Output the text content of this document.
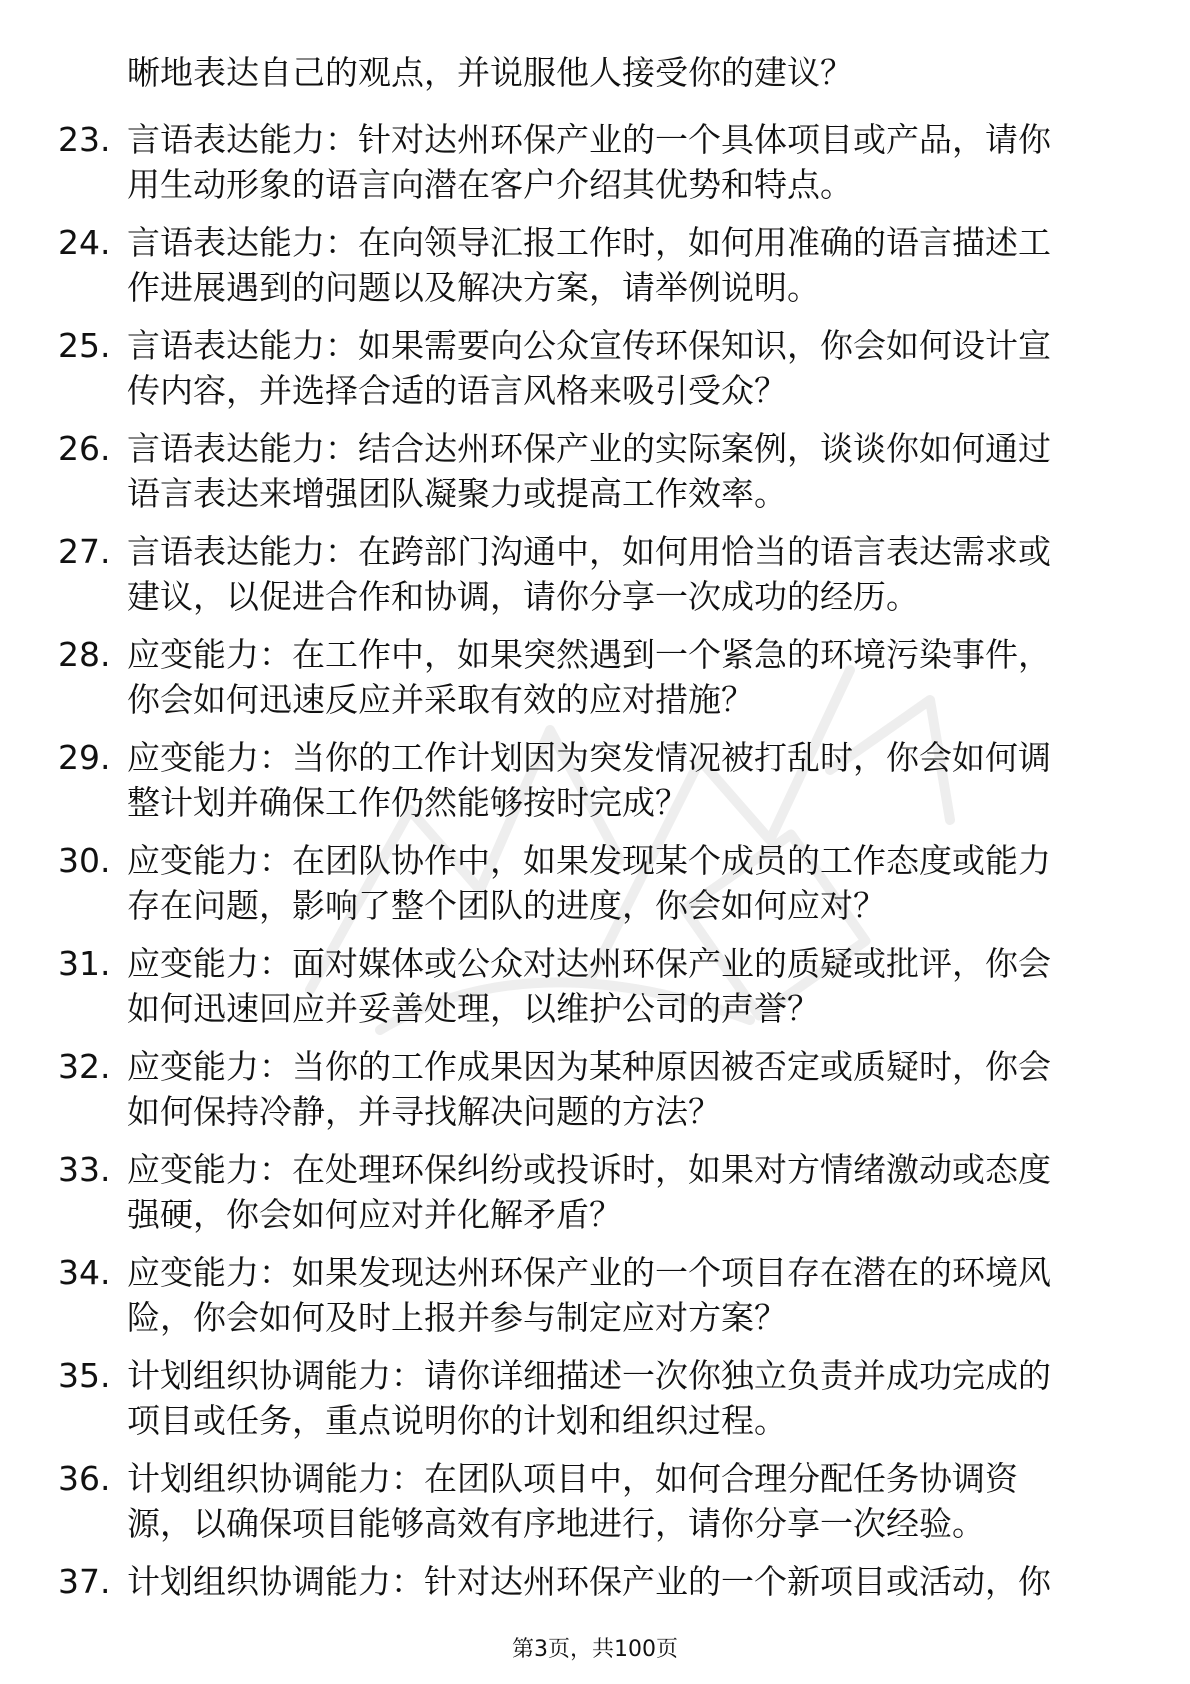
晰地表达自己的观点，并说服他人接受你的建议？
23. 言语表达能力：针对达州环保产业的一个具体项目或产品，请你
用生动形象的语言向潜在客户介绍其优势和特点。
24. 言语表达能力：在向领导汇报工作时，如何用准确的语言描述工
作进展遇到的问题以及解决方案，请举例说明。
25. 言语表达能力：如果需要向公众宣传环保知识，你会如何设计宣
传内容，并选择合适的语言风格来吸引受众？
26. 言语表达能力：结合达州环保产业的实际案例，谈谈你如何通过
语言表达来增强团队凝聚力或提高工作效率。
27. 言语表达能力：在跨部门沟通中，如何用恰当的语言表达需求或
建议，以促进合作和协调，请你分享一次成功的经历。
28. 应变能力：在工作中，如果突然遇到一个紧急的环境污染事件，
你会如何迅速反应并采取有效的应对措施？
29. 应变能力：当你的工作计划因为突发情况被打乱时，你会如何调
整计划并确保工作仍然能够按时完成？
30. 应变能力：在团队协作中，如果发现某个成员的工作态度或能力
存在问题，影响了整个团队的进度，你会如何应对？
31. 应变能力：面对媒体或公众对达州环保产业的质疑或批评，你会
如何迅速回应并妥善处理，以维护公司的声誉？
32. 应变能力：当你的工作成果因为某种原因被否定或质疑时，你会
如何保持冷静，并寻找解决问题的方法？
33. 应变能力：在处理环保纠纷或投诉时，如果对方情绪激动或态度
强硬，你会如何应对并化解矛盾？
34. 应变能力：如果发现达州环保产业的一个项目存在潜在的环境风
险，你会如何及时上报并参与制定应对方案？
35. 计划组织协调能力：请你详细描述一次你独立负责并成功完成的
项目或任务，重点说明你的计划和组织过程。
36. 计划组织协调能力：在团队项目中，如何合理分配任务协调资
源，以确保项目能够高效有序地进行，请你分享一次经验。
37. 计划组织协调能力：针对达州环保产业的一个新项目或活动，你
第3页，共100页
